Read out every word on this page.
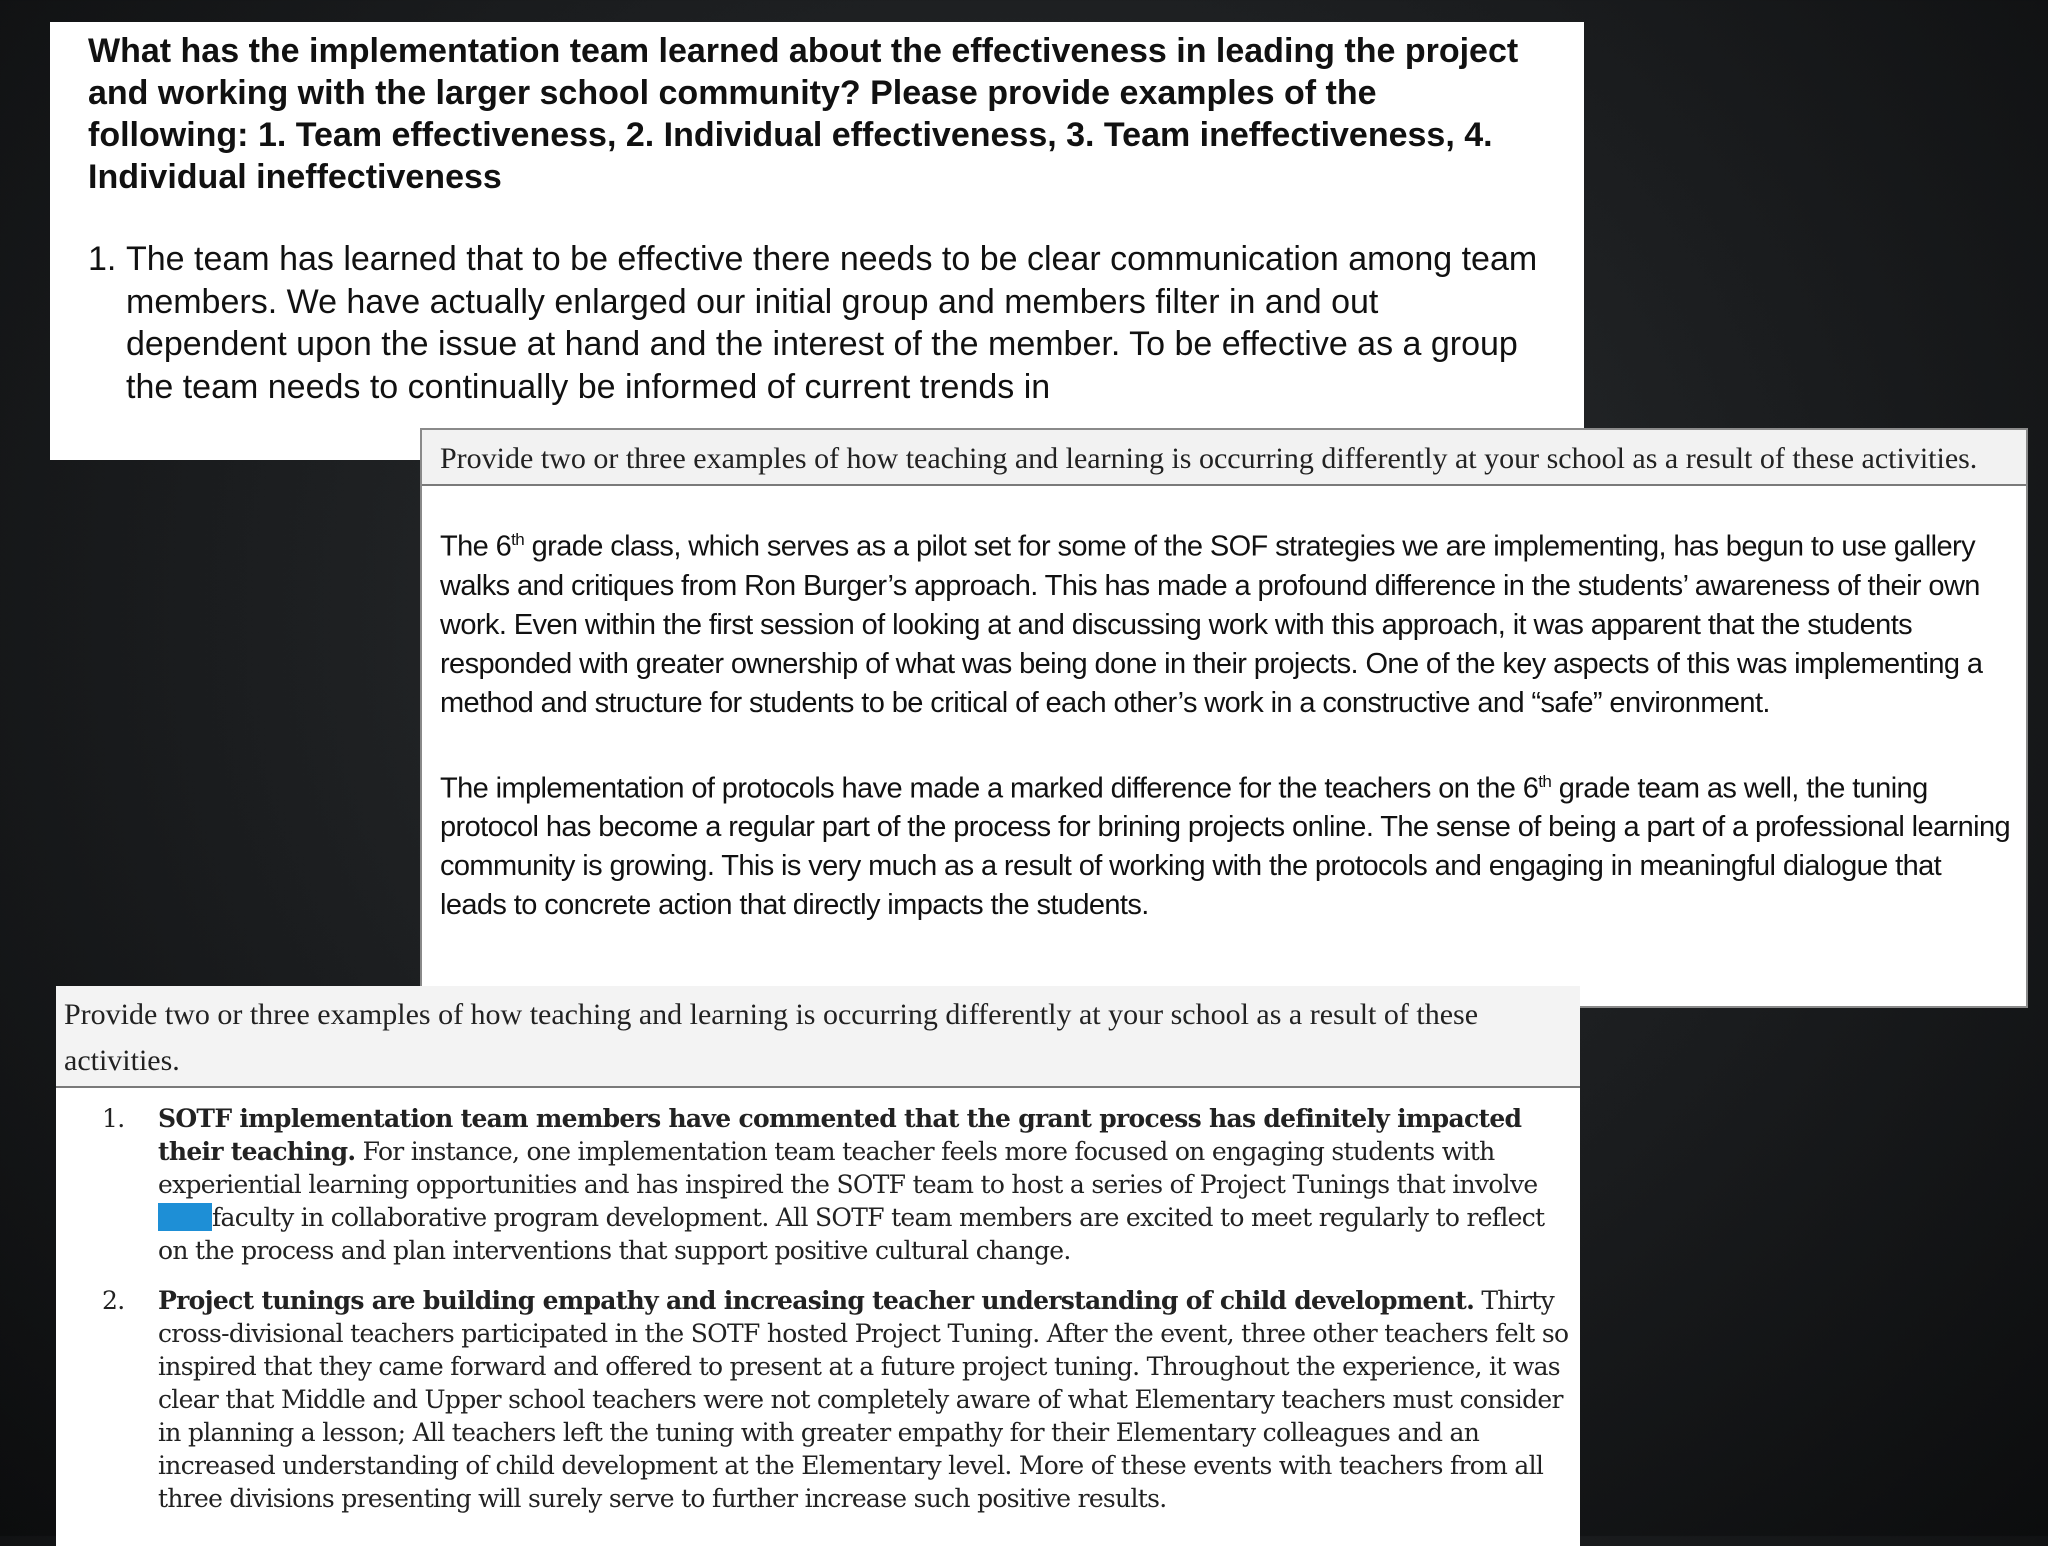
What has the implementation team learned about the effectiveness in leading the project and working with the larger school community? Please provide examples of the following: 1. Team effectiveness, 2. Individual effectiveness, 3. Team ineffectiveness, 4. Individual ineffectiveness

1. The team has learned that to be effective there needs to be clear communication among team members. We have actually enlarged our initial group and members filter in and out dependent upon the issue at hand and the interest of the member. To be effective as a group the team needs to continually be informed of current trends in
Provide two or three examples of how teaching and learning is occurring differently at your school as a result of these activities.

The 6th grade class, which serves as a pilot set for some of the SOF strategies we are implementing, has begun to use gallery walks and critiques from Ron Burger’s approach. This has made a profound difference in the students’ awareness of their own work. Even within the first session of looking at and discussing work with this approach, it was apparent that the students responded with greater ownership of what was being done in their projects. One of the key aspects of this was implementing a method and structure for students to be critical of each other’s work in a constructive and “safe” environment.

The implementation of protocols have made a marked difference for the teachers on the 6th grade team as well, the tuning protocol has become a regular part of the process for brining projects online. The sense of being a part of a professional learning community is growing. This is very much as a result of working with the protocols and engaging in meaningful dialogue that leads to concrete action that directly impacts the students.

Provide two or three examples of how teaching and learning is occurring differently at your school as a result of these activities.
1.	SOTF implementation team members have commented that the grant process has definitely impacted their teaching. For instance, one implementation team teacher feels more focused on engaging students with experiential learning opportunities and has inspired the SOTF team to host a series of Project Tunings that involve faculty in collaborative program development. All SOTF team members are excited to meet regularly to reflect on the process and plan interventions that support positive cultural change.
2.	Project tunings are building empathy and increasing teacher understanding of child development. Thirty cross-divisional teachers participated in the SOTF hosted Project Tuning. After the event, three other teachers felt so inspired that they came forward and offered to present at a future project tuning. Throughout the experience, it was clear that Middle and Upper school teachers were not completely aware of what Elementary teachers must consider in planning a lesson; All teachers left the tuning with greater empathy for their Elementary colleagues and an increased understanding of child development at the Elementary level. More of these events with teachers from all three divisions presenting will surely serve to further increase such positive results.
